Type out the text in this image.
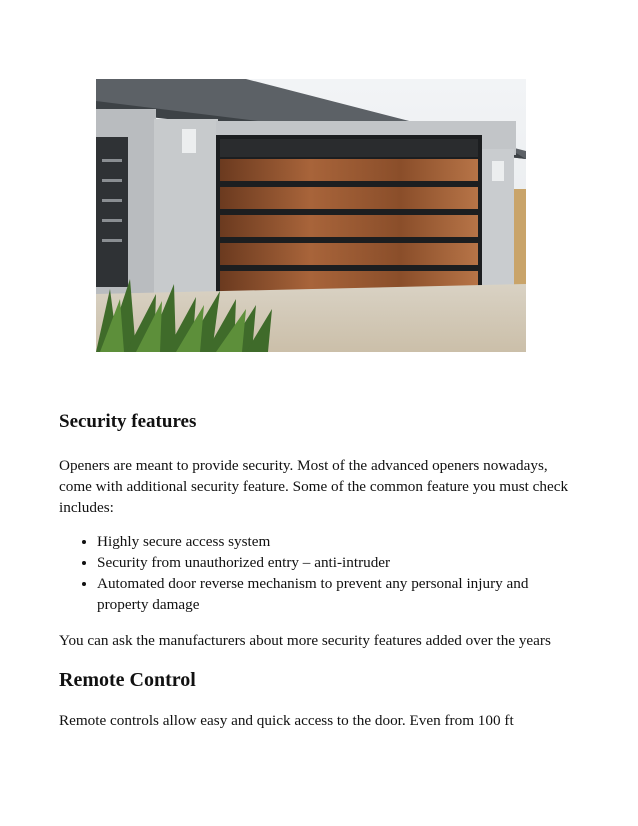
Security features

Openers are meant to provide security. Most of the advanced openers nowadays, come with additional security feature. Some of the common feature you must check includes:

• Highly secure access system
• Security from unauthorized entry – anti-intruder
• Automated door reverse mechanism to prevent any personal injury and property damage

You can ask the manufacturers about more security features added over the years

Remote Control

Remote controls allow easy and quick access to the door. Even from 100 ft
